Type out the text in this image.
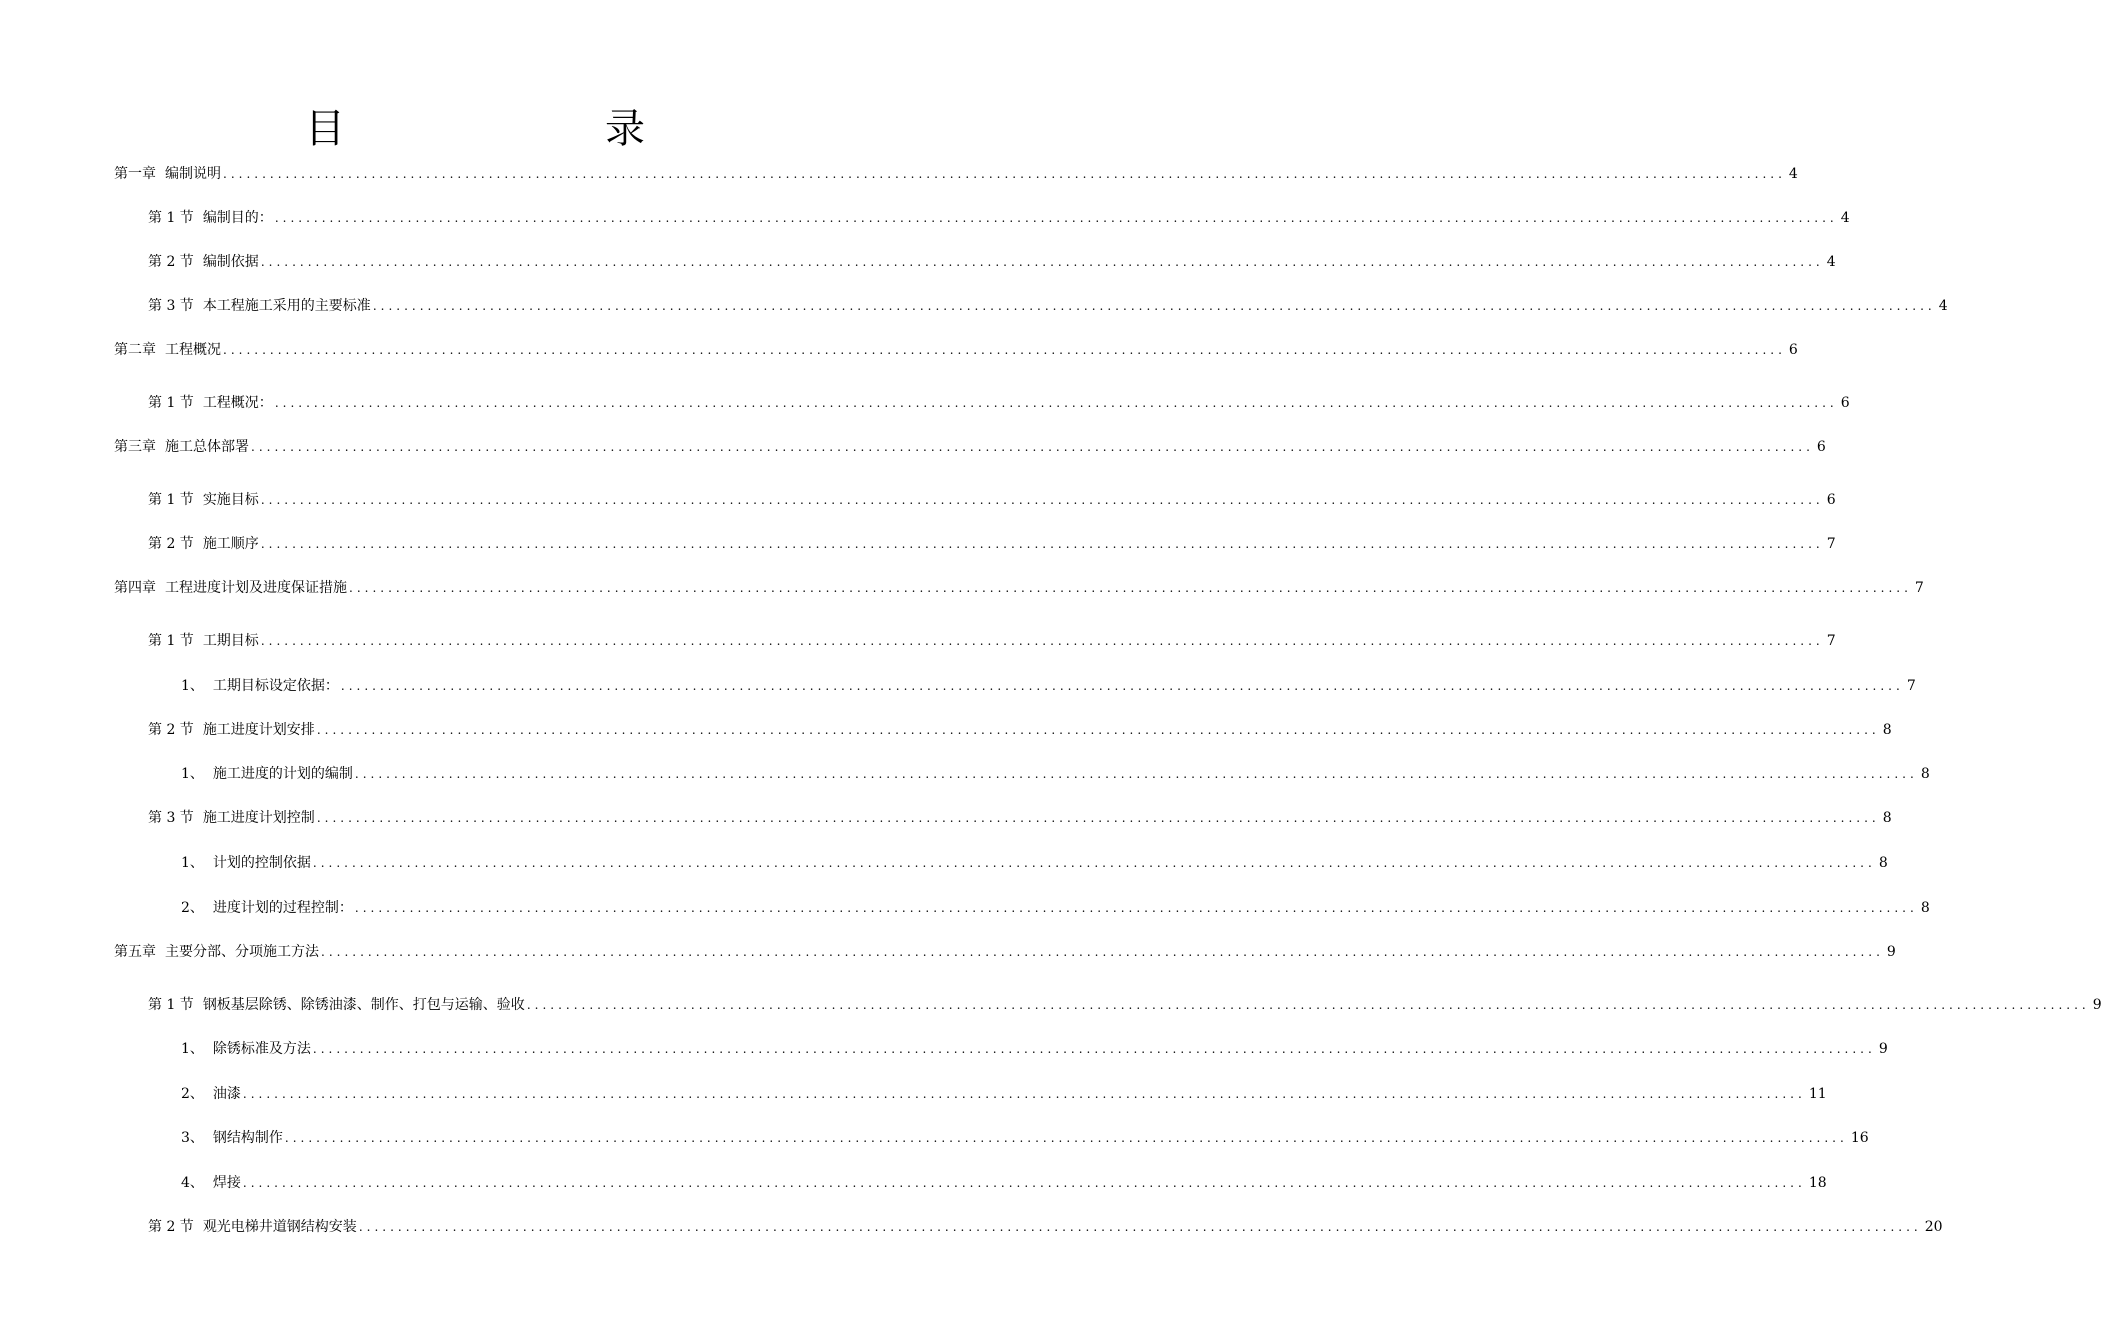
目　　录
第一章 编制说明 ........................................................................................................................................................................................................ 4
第 1 节 编制目的： ........................................................................................................................................................................................................ 4
第 2 节 编制依据 ........................................................................................................................................................................................................ 4
第 3 节 本工程施工采用的主要标准 ........................................................................................................................................................................................................ 4
第二章 工程概况 ........................................................................................................................................................................................................ 6
第 1 节 工程概况： ........................................................................................................................................................................................................ 6
第三章 施工总体部署 ........................................................................................................................................................................................................ 6
第 1 节 实施目标 ........................................................................................................................................................................................................ 6
第 2 节 施工顺序 ........................................................................................................................................................................................................ 7
第四章 工程进度计划及进度保证措施 ........................................................................................................................................................................................................ 7
第 1 节 工期目标 ........................................................................................................................................................................................................ 7
1、 工期目标设定依据： ........................................................................................................................................................................................................ 7
第 2 节 施工进度计划安排 ........................................................................................................................................................................................................ 8
1、 施工进度的计划的编制 ........................................................................................................................................................................................................ 8
第 3 节 施工进度计划控制 ........................................................................................................................................................................................................ 8
1、 计划的控制依据 ........................................................................................................................................................................................................ 8
2、 进度计划的过程控制： ........................................................................................................................................................................................................ 8
第五章 主要分部、分项施工方法 ........................................................................................................................................................................................................ 9
第 1 节 钢板基层除锈、除锈油漆、制作、打包与运输、验收 ........................................................................................................................................................................................................ 9
1、 除锈标准及方法 ........................................................................................................................................................................................................ 9
2、 油漆 ........................................................................................................................................................................................................ 11
3、 钢结构制作 ........................................................................................................................................................................................................ 16
4、 焊接 ........................................................................................................................................................................................................ 18
第 2 节 观光电梯井道钢结构安装 ........................................................................................................................................................................................................ 20
